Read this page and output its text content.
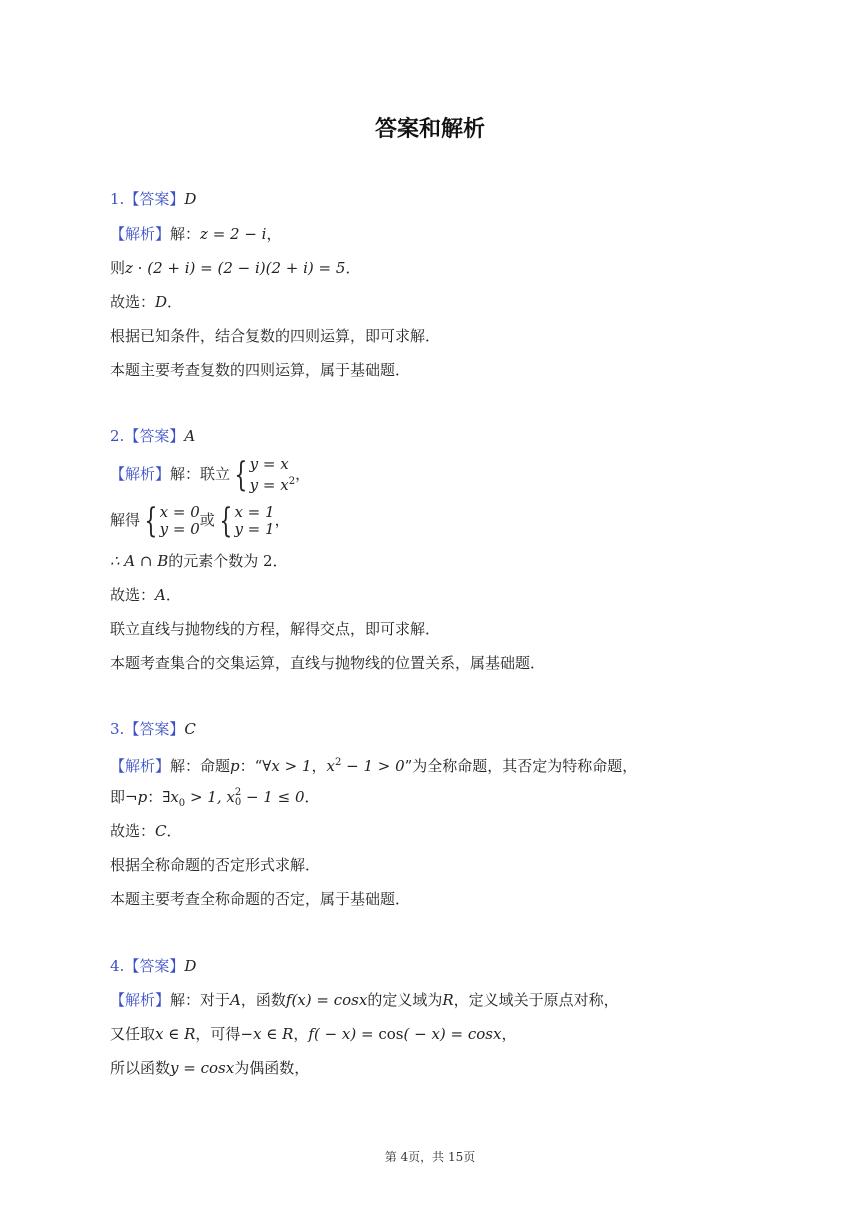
答案和解析
1.【答案】D
【解析】解：z = 2 − i，
则z · (2 + i) = (2 − i)(2 + i) = 5．
故选：D．
根据已知条件，结合复数的四则运算，即可求解．
本题主要考查复数的四则运算，属于基础题．
2.【答案】A
【解析】解：联立 { y = x
$y = x^2$ ，
解得 { x = 0
y = 0 或 { x = 1
y = 1 ，
∴ A ∩ B的元素个数为 2．
故选：A．
联立直线与抛物线的方程，解得交点，即可求解．
本题考查集合的交集运算，直线与抛物线的位置关系，属基础题．
3.【答案】C
【解析】解：命题p：“∀x > 1，$x^2 - 1 > 0$”为全称命题，其否定为特称命题，
即¬p：$\exists x_0 > 1$, x 2
0 − 1 ≤ 0．
故选：C．
根据全称命题的否定形式求解．
本题主要考查全称命题的否定，属于基础题．
4.【答案】D
【解析】解：对于A，函数f(x) = cosx的定义域为R，定义域关于原点对称，
又任取x ∈ R，可得−x ∈ R，f( − x) = cos( − x) = cosx，
所以函数y = cosx为偶函数，
第 4页，共 15页
